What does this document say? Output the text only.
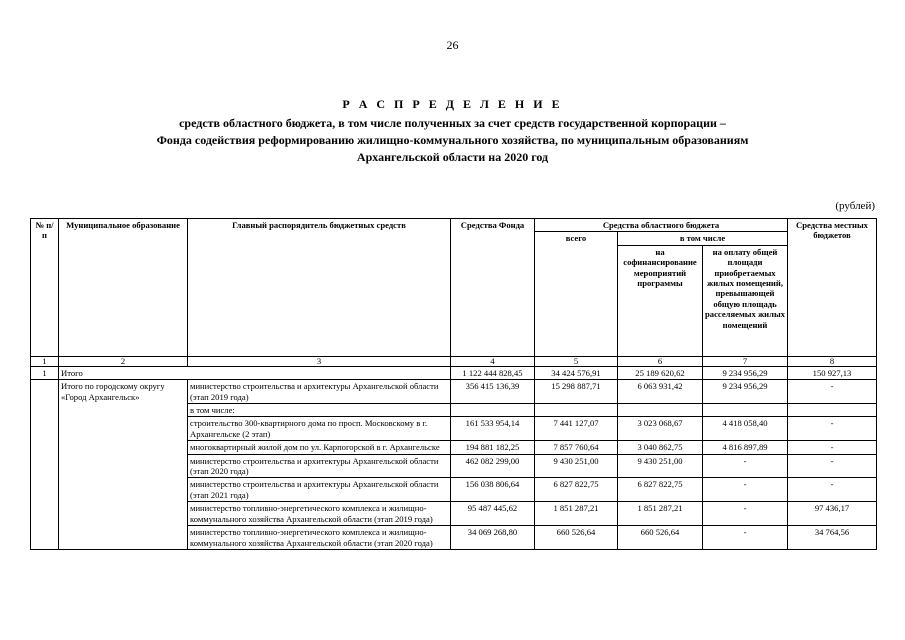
26
Р А С П Р Е Д Е Л Е Н И Е
средств областного бюджета, в том числе полученных за счет средств государственной корпорации –
Фонда содействия реформированию жилищно-коммунального хозяйства, по муниципальным образованиям
Архангельской области на 2020 год
(рублей)
№ п/п	Муниципальное образование	Главный распорядитель бюджетных средств	Средства Фонда	Средства областного бюджета			Средства местных бюджетов
				всего	в том числе		
					на софинансирование мероприятий программы	на оплату общей площади приобретаемых жилых помещений, превышающей общую площадь расселяемых жилых помещений	
1	2	3	4	5	6	7	8
1	Итого		1 122 444 828,45	34 424 576,91	25 189 620,62	9 234 956,29	150 927,13
	Итого по городскому округу «Город Архангельск»	министерство строительства и архитектуры Архангельской области (этап 2019 года)	356 415 136,39	15 298 887,71	6 063 931,42	9 234 956,29	-
		в том числе:					
		строительство 300-квартирного дома по просп. Московскому в г. Архангельске (2 этап)	161 533 954,14	7 441 127,07	3 023 068,67	4 418 058,40	-
		многоквартирный жилой дом по ул. Карпогорской в г. Архангельске	194 881 182,25	7 857 760,64	3 040 862,75	4 816 897,89	-
		министерство строительства и архитектуры Архангельской области (этап 2020 года)	462 082 299,00	9 430 251,00	9 430 251,00	-	-
		министерство строительства и архитектуры Архангельской области (этап 2021 года)	156 038 806,64	6 827 822,75	6 827 822,75	-	-
		министерство топливно-энергетического комплекса и жилищно-коммунального хозяйства Архангельской области (этап 2019 года)	95 487 445,62	1 851 287,21	1 851 287,21	-	97 436,17
		министерство топливно-энергетического комплекса и жилищно-коммунального хозяйства Архангельской области (этап 2020 года)	34 069 268,80	660 526,64	660 526,64	-	34 764,56
